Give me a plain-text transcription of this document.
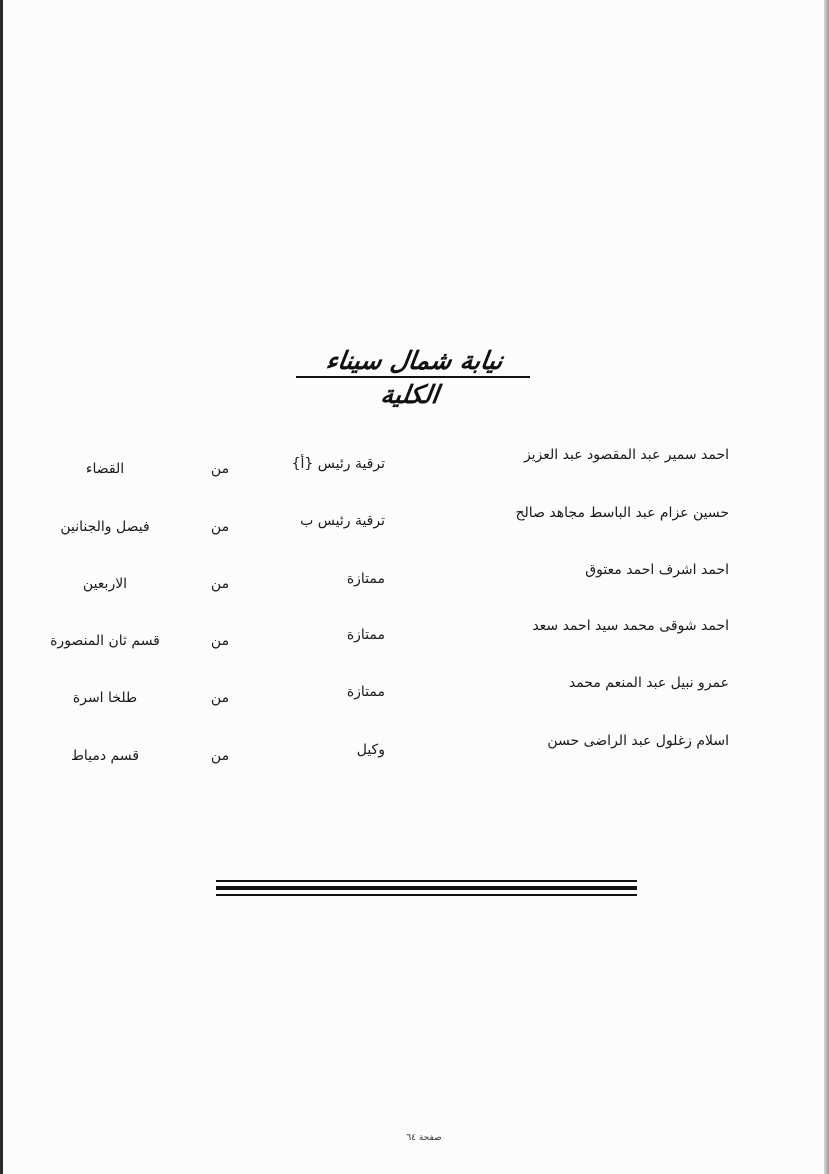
نيابة شمال سيناء الكلية
احمد سمير عبد المقصود عبد العزيز
ترقية رئيس {أ}
من
القضاء
حسين عزام عبد الباسط مجاهد صالح
ترقية رئيس ب
من
فيصل والجنانين
احمد اشرف احمد معتوق
ممتازة
من
الاربعين
احمد شوقى محمد سيد احمد سعد
ممتازة
من
قسم ثان المنصورة
عمرو نبيل عبد المنعم محمد
ممتازة
من
طلخا اسرة
اسلام زغلول عبد الراضى حسن
وكيل
من
قسم دمياط
صفحة ٦٤
